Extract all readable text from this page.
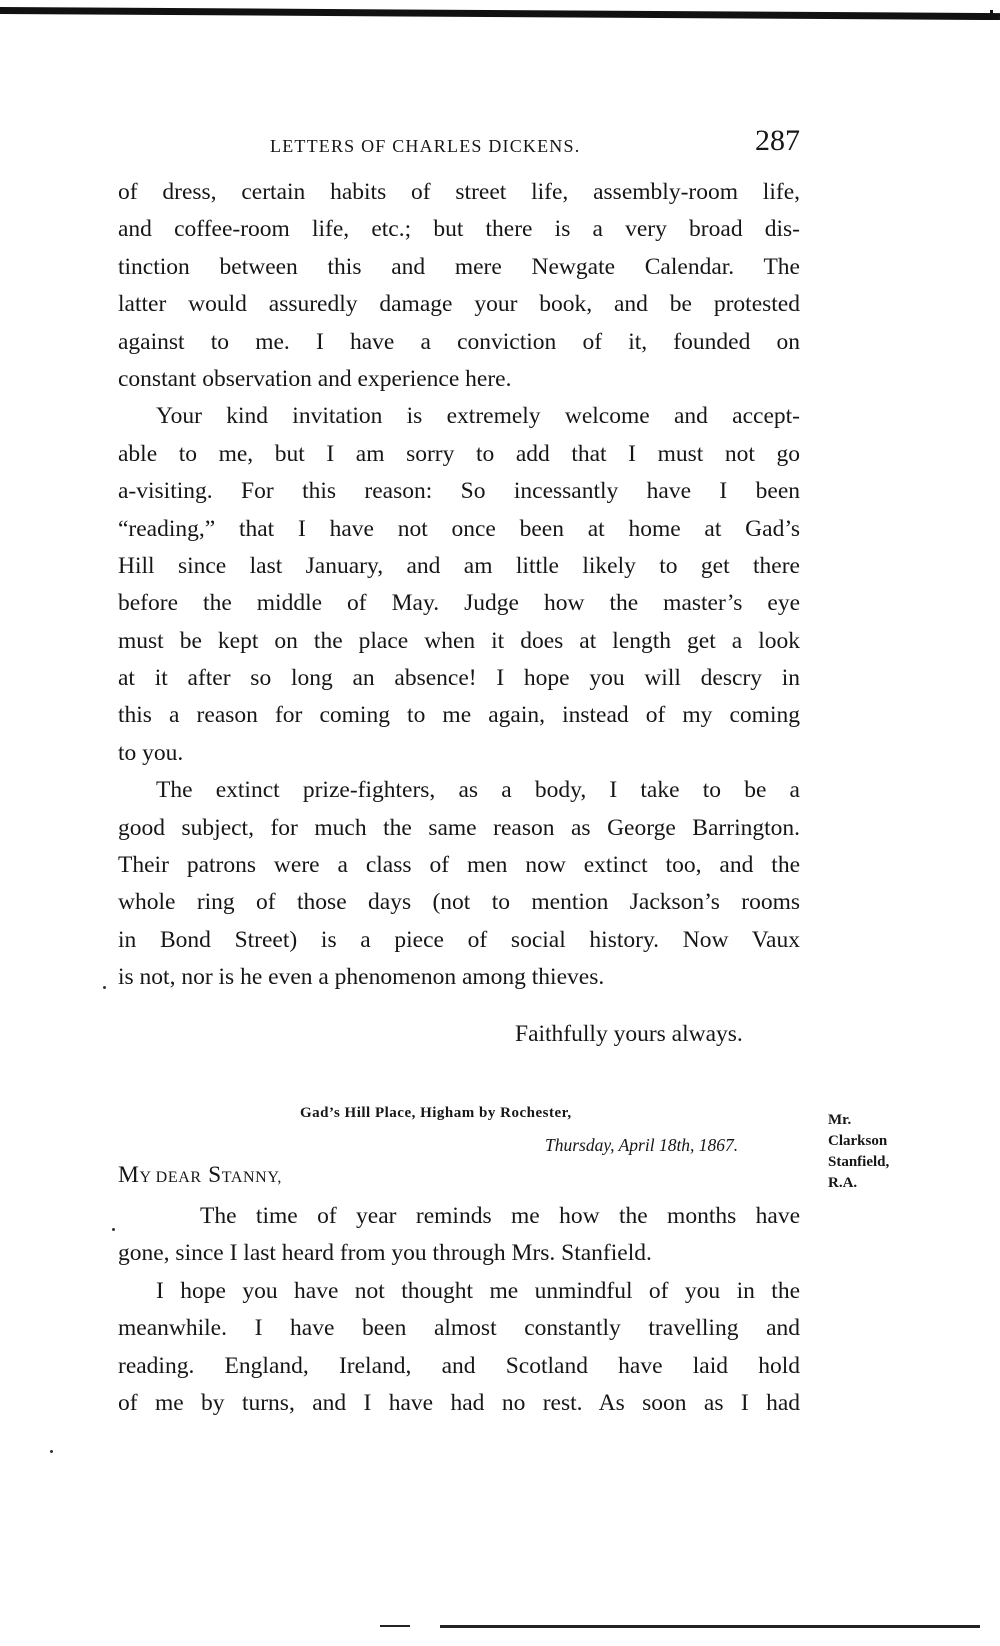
LETTERS OF CHARLES DICKENS.	287
of dress, certain habits of street life, assembly-room life,
and coffee-room life, etc.; but there is a very broad dis-
tinction between this and mere Newgate Calendar. The
latter would assuredly damage your book, and be protested
against to me. I have a conviction of it, founded on
constant observation and experience here.
Your kind invitation is extremely welcome and accept-
able to me, but I am sorry to add that I must not go
a-visiting. For this reason: So incessantly have I been
“reading,” that I have not once been at home at Gad’s
Hill since last January, and am little likely to get there
before the middle of May. Judge how the master’s eye
must be kept on the place when it does at length get a look
at it after so long an absence! I hope you will descry in
this a reason for coming to me again, instead of my coming
to you.
The extinct prize-fighters, as a body, I take to be a
good subject, for much the same reason as George Barrington.
Their patrons were a class of men now extinct too, and the
whole ring of those days (not to mention Jackson’s rooms
in Bond Street) is a piece of social history. Now Vaux
is not, nor is he even a phenomenon among thieves.
Faithfully yours always.
Gad’s Hill Place, Higham by Rochester,
Thursday, April 18th, 1867.
Mr.
Clarkson
Stanfield,
R.A.
MY DEAR STANNY,
The time of year reminds me how the months have
gone, since I last heard from you through Mrs. Stanfield.
I hope you have not thought me unmindful of you in the
meanwhile. I have been almost constantly travelling and
reading. England, Ireland, and Scotland have laid hold
of me by turns, and I have had no rest. As soon as I had
